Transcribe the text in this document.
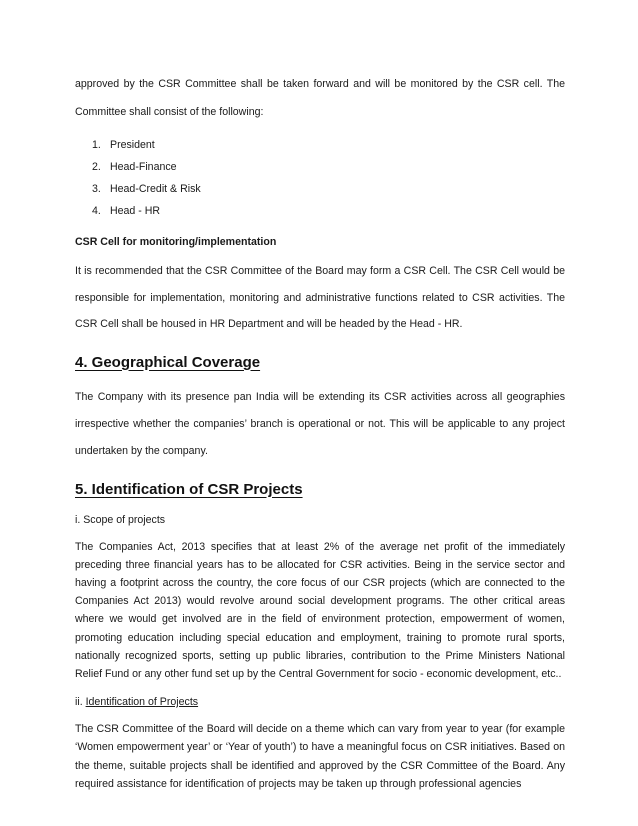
approved by the CSR Committee shall be taken forward and will be monitored by the CSR cell. The Committee shall consist of the following:

1. President
2. Head-Finance
3. Head-Credit & Risk
4. Head - HR
CSR Cell for monitoring/implementation

It is recommended that the CSR Committee of the Board may form a CSR Cell. The CSR Cell would be responsible for implementation, monitoring and administrative functions related to CSR activities. The CSR Cell shall be housed in HR Department and will be headed by the Head - HR.

4. Geographical Coverage

The Company with its presence pan India will be extending its CSR activities across all geographies irrespective whether the companies’ branch is operational or not. This will be applicable to any project undertaken by the company.

5. Identification of CSR Projects

i. Scope of projects

The Companies Act, 2013 specifies that at least 2% of the average net profit of the immediately preceding three financial years has to be allocated for CSR activities. Being in the service sector and having a footprint across the country, the core focus of our CSR projects (which are connected to the Companies Act 2013) would revolve around social development programs. The other critical areas where we would get involved are in the field of environment protection, empowerment of women, promoting education including special education and employment, training to promote rural sports, nationally recognized sports, setting up public libraries, contribution to the Prime Ministers National Relief Fund or any other fund set up by the Central Government for socio - economic development, etc..

ii. Identification of Projects

The CSR Committee of the Board will decide on a theme which can vary from year to year (for example ‘Women empowerment year’ or ‘Year of youth’) to have a meaningful focus on CSR initiatives. Based on the theme, suitable projects shall be identified and approved by the CSR Committee of the Board. Any required assistance for identification of projects may be taken up through professional agencies
